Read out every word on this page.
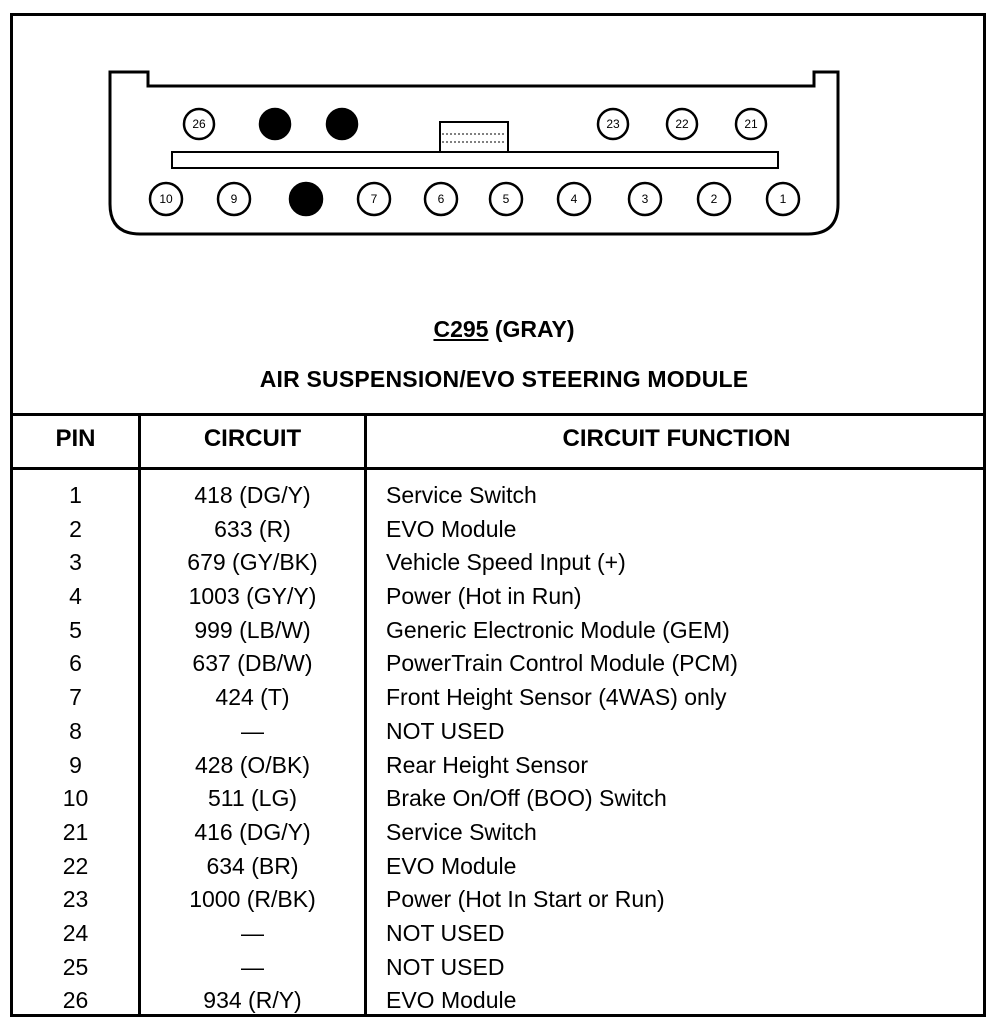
26	25	24	23	22	21
10	9	8	7	6	5	4	3	2	1
C295 (GRAY)
AIR SUSPENSION/EVO STEERING MODULE
PIN	CIRCUIT	CIRCUIT FUNCTION
1	418 (DG/Y)	Service Switch
2	633 (R)	EVO Module
3	679 (GY/BK)	Vehicle Speed Input (+)
4	1003 (GY/Y)	Power (Hot in Run)
5	999 (LB/W)	Generic Electronic Module (GEM)
6	637 (DB/W)	PowerTrain Control Module (PCM)
7	424 (T)	Front Height Sensor (4WAS) only
8	—	NOT USED
9	428 (O/BK)	Rear Height Sensor
10	511 (LG)	Brake On/Off (BOO) Switch
21	416 (DG/Y)	Service Switch
22	634 (BR)	EVO Module
23	1000 (R/BK)	Power (Hot In Start or Run)
24	—	NOT USED
25	—	NOT USED
26	934 (R/Y)	EVO Module
